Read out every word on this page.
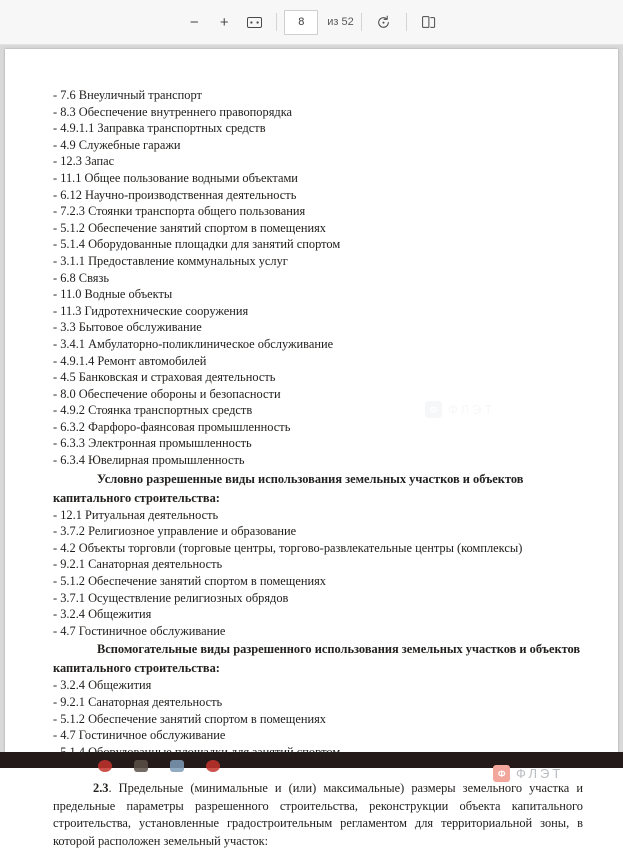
− +
8	из 52
Ф ФЛЭТ
Ф ФЛЭТ
- 7.6 Внеуличный транспорт
- 8.3 Обеспечение внутреннего правопорядка
- 4.9.1.1 Заправка транспортных средств
- 4.9 Служебные гаражи
- 12.3 Запас
- 11.1 Общее пользование водными объектами
- 6.12 Научно-производственная деятельность
- 7.2.3 Стоянки транспорта общего пользования
- 5.1.2 Обеспечение занятий спортом в помещениях
- 5.1.4 Оборудованные площадки для занятий спортом
- 3.1.1 Предоставление коммунальных услуг
- 6.8 Связь
- 11.0 Водные объекты
- 11.3 Гидротехнические сооружения
- 3.3 Бытовое обслуживание
- 3.4.1 Амбулаторно-поликлиническое обслуживание
- 4.9.1.4 Ремонт автомобилей
- 4.5 Банковская и страховая деятельность
- 8.0 Обеспечение обороны и безопасности
- 4.9.2 Стоянка транспортных средств
- 6.3.2 Фарфоро-фаянсовая промышленность
- 6.3.3 Электронная промышленность
- 6.3.4 Ювелирная промышленность
Условно разрешенные виды использования земельных участков и объектов
капитального строительства:
- 12.1 Ритуальная деятельность
- 3.7.2 Религиозное управление и образование
- 4.2 Объекты торговли (торговые центры, торгово-развлекательные центры (комплексы)
- 9.2.1 Санаторная деятельность
- 5.1.2 Обеспечение занятий спортом в помещениях
- 3.7.1 Осуществление религиозных обрядов
- 3.2.4 Общежития
- 4.7 Гостиничное обслуживание
Вспомогательные виды разрешенного использования земельных участков и объектов
капитального строительства:
- 3.2.4 Общежития
- 9.2.1 Санаторная деятельность
- 5.1.2 Обеспечение занятий спортом в помещениях
- 4.7 Гостиничное обслуживание
- 5.1.4 Оборудованные площадки для занятий спортом

2.3. Предельные (минимальные и (или) максимальные) размеры земельного участка и предельные параметры разрешенного строительства, реконструкции объекта капитального строительства, установленные градостроительным регламентом для территориальной зоны, в которой расположен земельный участок:
